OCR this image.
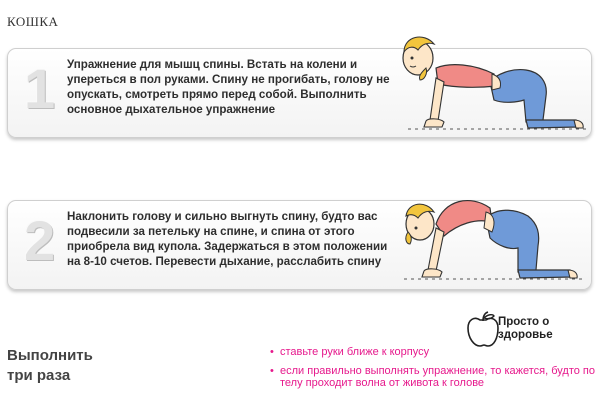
КОШКА
1 Упражнение для мышц спины. Встать на колени и упереться в пол руками. Спину не прогибать, голову не опускать, смотреть прямо перед собой. Выполнить основное дыхательное упражнение
2 Наклонить голову и сильно выгнуть спину, будто вас подвесили за петельку на спине, и спина от этого приобрела вид купола. Задержаться в этом положении на 8-10 счетов. Перевести дыхание, расслабить спину
Выполнить
три раза
Просто о
здоровье
• ставьте руки ближе к корпусу
• если правильно выполнять упражнение, то кажется, будто по телу проходит волна от живота к голове
